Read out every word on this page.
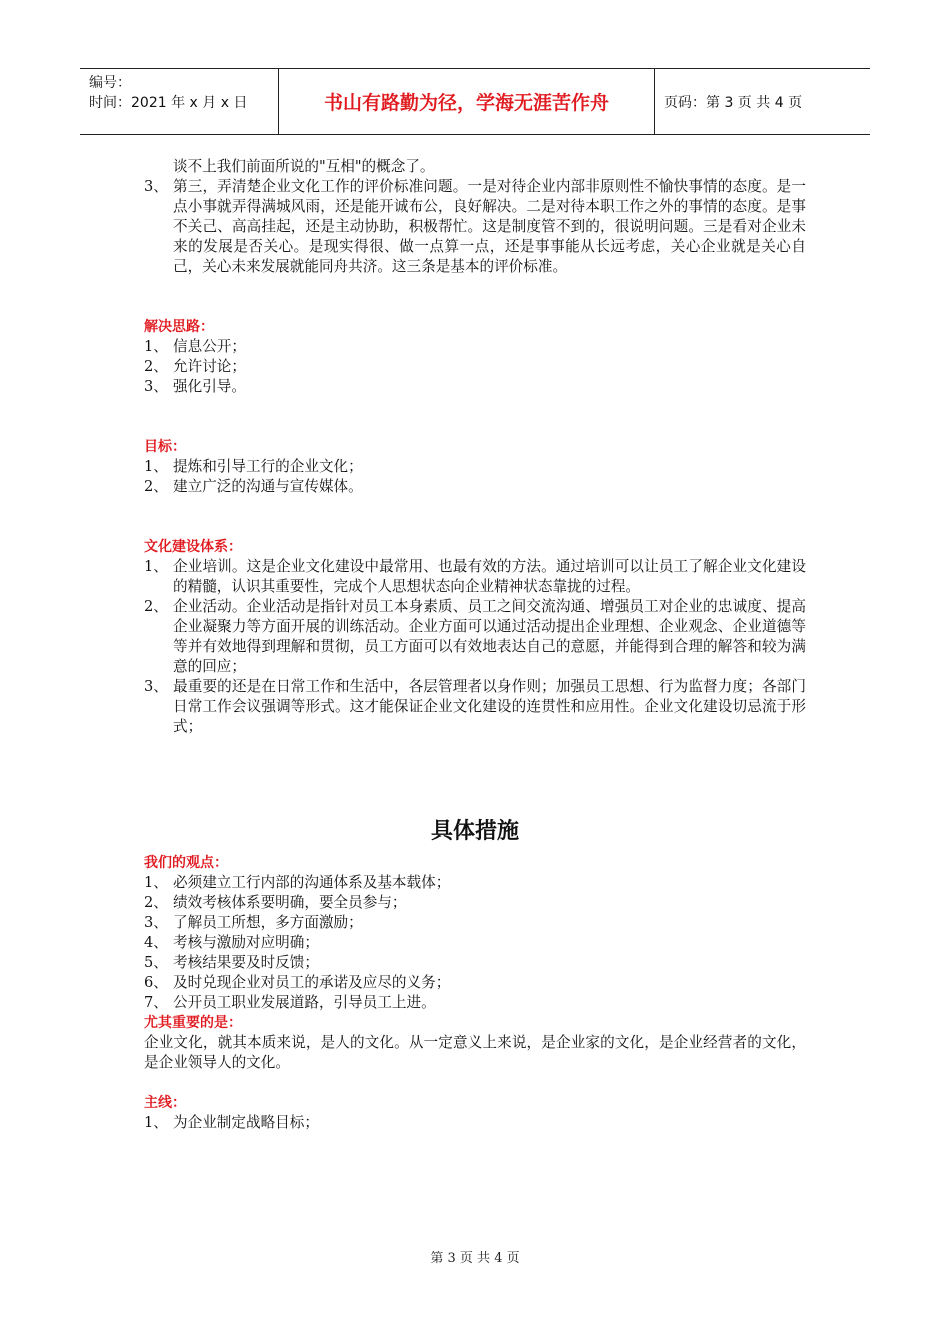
编号：
时间：2021 年 x 月 x 日	书山有路勤为径，学海无涯苦作舟	页码：第 3 页 共 4 页
谈不上我们前面所说的"互相"的概念了。
3、 第三，弄清楚企业文化工作的评价标准问题。一是对待企业内部非原则性不愉快事情的态度。是一点小事就弄得满城风雨，还是能开诚布公，良好解决。二是对待本职工作之外的事情的态度。是事不关己、高高挂起，还是主动协助，积极帮忙。这是制度管不到的，很说明问题。三是看对企业未来的发展是否关心。是现实得很、做一点算一点，还是事事能从长远考虑，关心企业就是关心自己，关心未来发展就能同舟共济。这三条是基本的评价标准。
解决思路：
1、 信息公开；
2、 允许讨论；
3、 强化引导。
目标：
1、 提炼和引导工行的企业文化；
2、 建立广泛的沟通与宣传媒体。
文化建设体系：
1、 企业培训。这是企业文化建设中最常用、也最有效的方法。通过培训可以让员工了解企业文化建设的精髓，认识其重要性，完成个人思想状态向企业精神状态靠拢的过程。
2、 企业活动。企业活动是指针对员工本身素质、员工之间交流沟通、增强员工对企业的忠诚度、提高企业凝聚力等方面开展的训练活动。企业方面可以通过活动提出企业理想、企业观念、企业道德等等并有效地得到理解和贯彻，员工方面可以有效地表达自己的意愿，并能得到合理的解答和较为满意的回应；
3、 最重要的还是在日常工作和生活中，各层管理者以身作则；加强员工思想、行为监督力度；各部门日常工作会议强调等形式。这才能保证企业文化建设的连贯性和应用性。企业文化建设切忌流于形式；
具体措施
我们的观点：
1、 必须建立工行内部的沟通体系及基本载体；
2、 绩效考核体系要明确，要全员参与；
3、 了解员工所想，多方面激励；
4、 考核与激励对应明确；
5、 考核结果要及时反馈；
6、 及时兑现企业对员工的承诺及应尽的义务；
7、 公开员工职业发展道路，引导员工上进。
尤其重要的是：
企业文化，就其本质来说，是人的文化。从一定意义上来说，是企业家的文化，是企业经营者的文化，是企业领导人的文化。
主线：
1、 为企业制定战略目标；
第 3 页 共 4 页
